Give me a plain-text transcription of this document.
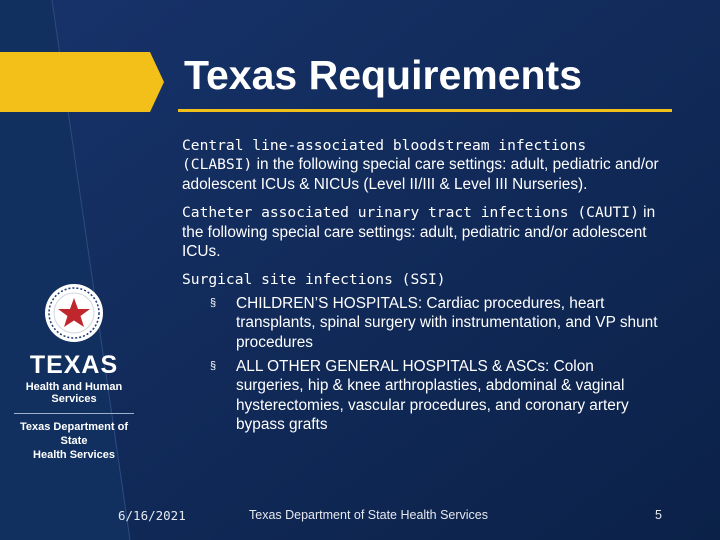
Texas Requirements

Central line-associated bloodstream infections (CLABSI) in the following special care settings: adult, pediatric and/or adolescent ICUs & NICUs (Level II/III & Level III Nurseries).

Catheter associated urinary tract infections (CAUTI) in the following special care settings: adult, pediatric and/or adolescent ICUs.

Surgical site infections (SSI)

§ CHILDREN’S HOSPITALS: Cardiac procedures, heart transplants, spinal surgery with instrumentation, and VP shunt procedures
§ ALL OTHER GENERAL HOSPITALS & ASCs: Colon surgeries, hip & knee arthroplasties, abdominal & vaginal hysterectomies, vascular procedures, and coronary artery bypass grafts
TEXAS
Health and Human Services
Texas Department of State
Health Services
6/16/2021	Texas Department of State Health Services	5
